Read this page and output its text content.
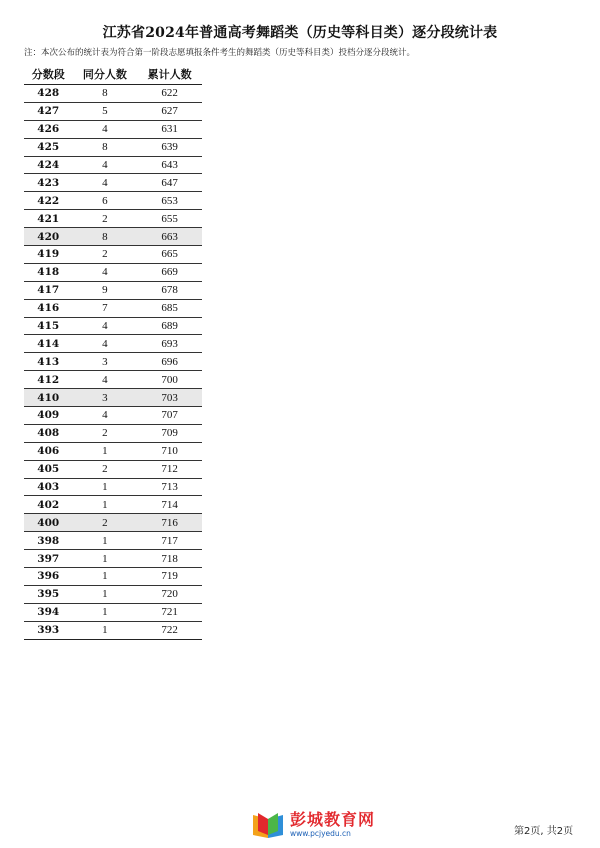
江苏省2024年普通高考舞蹈类（历史等科目类）逐分段统计表
注：本次公布的统计表为符合第一阶段志愿填报条件考生的舞蹈类（历史等科目类）投档分逐分段统计。
分数段	同分人数	累计人数
428	8	622
427	5	627
426	4	631
425	8	639
424	4	643
423	4	647
422	6	653
421	2	655
420	8	663
419	2	665
418	4	669
417	9	678
416	7	685
415	4	689
414	4	693
413	3	696
412	4	700
410	3	703
409	4	707
408	2	709
406	1	710
405	2	712
403	1	713
402	1	714
400	2	716
398	1	717
397	1	718
396	1	719
395	1	720
394	1	721
393	1	722
彭城教育网
www.pcjyedu.cn	第2页, 共2页
